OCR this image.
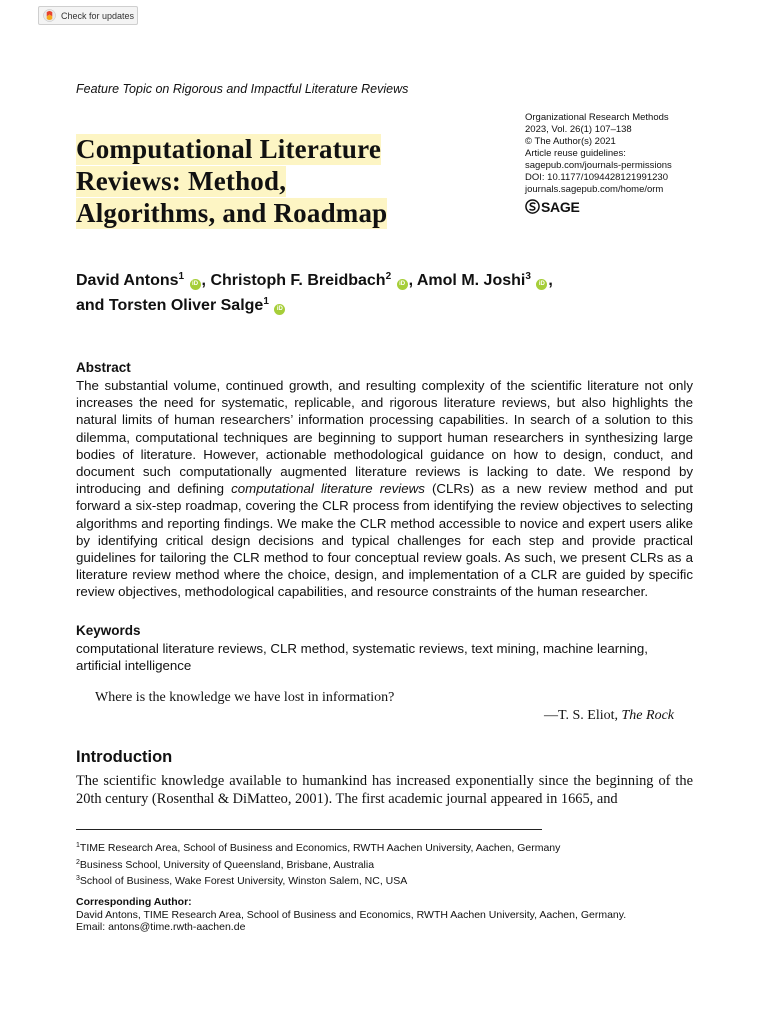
Check for updates
Feature Topic on Rigorous and Impactful Literature Reviews
Organizational Research Methods
2023, Vol. 26(1) 107–138
© The Author(s) 2021
Article reuse guidelines:
sagepub.com/journals-permissions
DOI: 10.1177/1094428121991230
journals.sagepub.com/home/orm
SAGE
Computational Literature
Reviews: Method,
Algorithms, and Roadmap
David Antons$^1$ iD , Christoph F. Breidbach$^2$ iD , Amol M. Joshi$^3$ iD ,
and Torsten Oliver Salge$^1$ iD
Abstract
The substantial volume, continued growth, and resulting complexity of the scientific literature not only increases the need for systematic, replicable, and rigorous literature reviews, but also highlights the natural limits of human researchers’ information processing capabilities. In search of a solution to this dilemma, computational techniques are beginning to support human researchers in synthesizing large bodies of literature. However, actionable methodological guidance on how to design, conduct, and document such computationally augmented literature reviews is lacking to date. We respond by introducing and defining computational literature reviews (CLRs) as a new review method and put forward a six-step roadmap, covering the CLR process from identifying the review objectives to selecting algorithms and reporting findings. We make the CLR method accessible to novice and expert users alike by identifying critical design decisions and typical challenges for each step and provide practical guidelines for tailoring the CLR method to four conceptual review goals. As such, we present CLRs as a literature review method where the choice, design, and implementation of a CLR are guided by specific review objectives, methodological capabilities, and resource constraints of the human researcher.
Keywords
computational literature reviews, CLR method, systematic reviews, text mining, machine learning, artificial intelligence
Where is the knowledge we have lost in information?
—T. S. Eliot, The Rock
Introduction
The scientific knowledge available to humankind has increased exponentially since the beginning of the 20th century (Rosenthal & DiMatteo, 2001). The first academic journal appeared in 1665, and
$^1$TIME Research Area, School of Business and Economics, RWTH Aachen University, Aachen, Germany
$^2$Business School, University of Queensland, Brisbane, Australia
$^3$School of Business, Wake Forest University, Winston Salem, NC, USA
Corresponding Author:
David Antons, TIME Research Area, School of Business and Economics, RWTH Aachen University, Aachen, Germany.
Email: antons@time.rwth-aachen.de
